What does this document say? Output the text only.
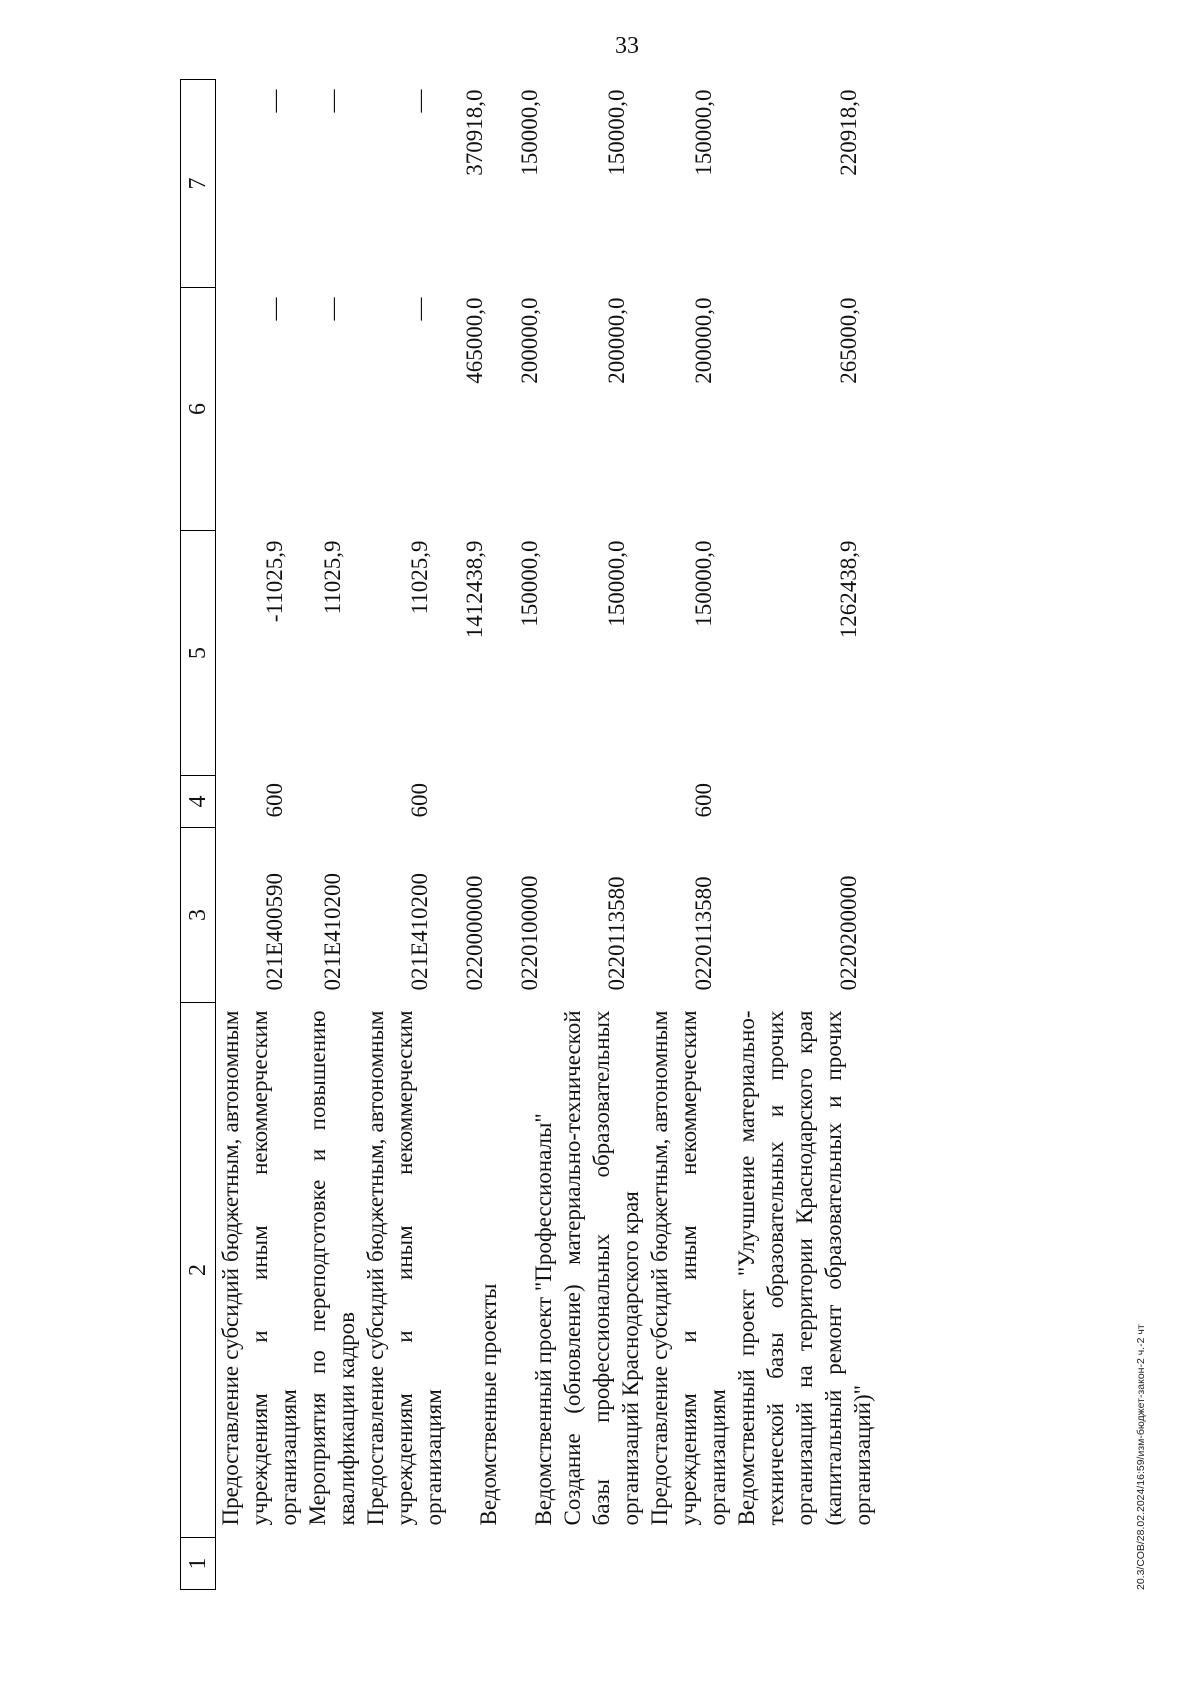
33
1	2	3	4	5	6	7
	Предоставление субсидий бюджетным, автономным учреждениям и иным некоммерческим организациям	021Е400590	600	-11025,9	—	—
	Мероприятия по переподготовке и повышению квалификации кадров	021Е410200		11025,9	—	—
	Предоставление субсидий бюджетным, автономным учреждениям и иным некоммерческим организациям	021Е410200	600	11025,9	—	—
	Ведомственные проекты	0220000000		1412438,9	465000,0	370918,0
	Ведомственный проект "Профессионалы"	0220100000		150000,0	200000,0	150000,0
	Создание (обновление) материально-технической базы профессиональных образовательных организаций Краснодарского края	0220113580		150000,0	200000,0	150000,0
	Предоставление субсидий бюджетным, автономным учреждениям и иным некоммерческим организациям	0220113580	600	150000,0	200000,0	150000,0
	Ведомственный проект "Улучшение материально-технической базы образовательных и прочих организаций на территории Краснодарского края (капитальный ремонт образовательных и прочих организаций)"	0220200000		1262438,9	265000,0	220918,0
20.3/СОВ/28.02.2024/16:59/изм-бюджет-закон-2 ч.-2 чт
